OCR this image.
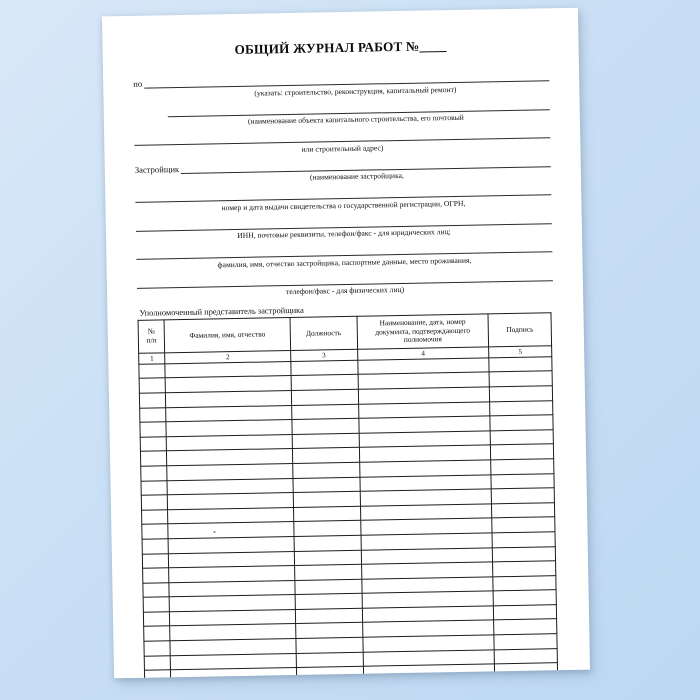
ОБЩИЙ ЖУРНАЛ РАБОТ №____
по
(указать: строительство, реконструкция, капитальный ремонт)
(наименование объекта капитального строительства, его почтовый
или строительный адрес)
Застройщик
(наименование застройщика,
номер и дата выдачи свидетельства о государственной регистрации, ОГРН,
ИНН, почтовые реквизиты, телефон/факс - для юридических лиц;
фамилия, имя, отчество застройщика, паспортные данные, место проживания,
телефон/факс - для физических лиц)
Уполномоченный представитель застройщика
№
п/п	Фамилия, имя, отчество	Должность	Наименование, дата, номер
документа, подтверждающего
полномочия	Подпись
1	2	3	4	5
